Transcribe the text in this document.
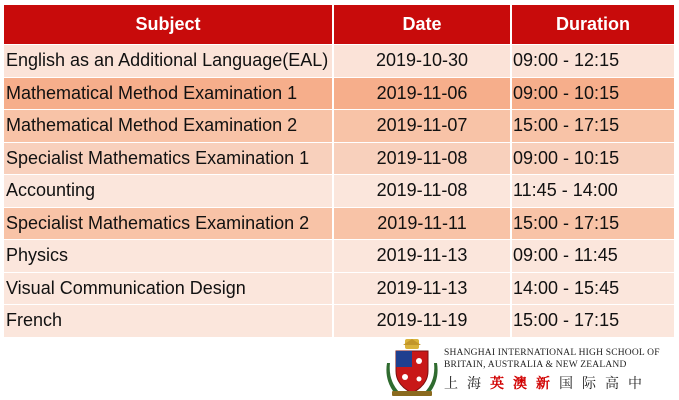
Subject	Date	Duration
English as an Additional Language(EAL)	2019-10-30	09:00 - 12:15
Mathematical Method Examination 1	2019-11-06	09:00 - 10:15
Mathematical Method Examination 2	2019-11-07	15:00 - 17:15
Specialist Mathematics Examination 1	2019-11-08	09:00 - 10:15
Accounting	2019-11-08	11:45 - 14:00
Specialist Mathematics Examination 2	2019-11-11	15:00 - 17:15
Physics	2019-11-13	09:00 - 11:45
Visual Communication Design	2019-11-13	14:00 - 15:45
French	2019-11-19	15:00 - 17:15
SHANGHAI INTERNATIONAL HIGH SCHOOL OF
BRITAIN, AUSTRALIA & NEW ZEALAND
上海英澳新国际高中
